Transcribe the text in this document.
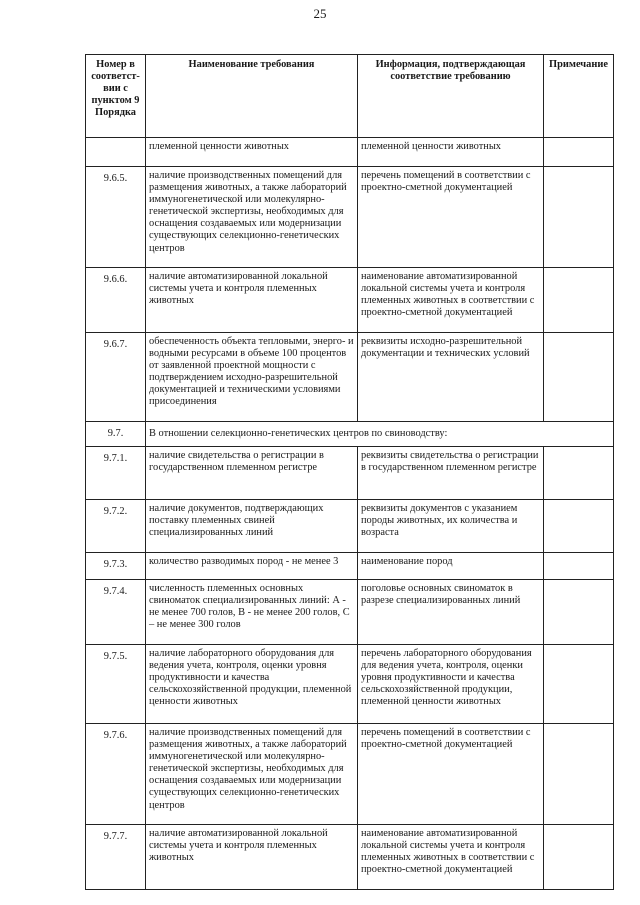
25
Номер в соответст-вии с пунктом 9 Порядка	Наименование требования	Информация, подтверждающая соответствие требованию	Примечание
	племенной ценности животных	племенной ценности животных	
9.6.5.	наличие производственных помещений для размещения животных, а также лабораторий иммуногенетической или молекулярно-генетической экспертизы, необходимых для оснащения создаваемых или модернизации существующих селекционно-генетических центров	перечень помещений в соответствии с проектно-сметной документацией	
9.6.6.	наличие автоматизированной локальной системы учета и контроля племенных животных	наименование автоматизированной локальной системы учета и контроля племенных животных в соответствии с проектно-сметной документацией	
9.6.7.	обеспеченность объекта тепловыми, энерго- и водными ресурсами в объеме 100 процентов от заявленной проектной мощности с подтверждением исходно-разрешительной документацией и техническими условиями присоединения	реквизиты исходно-разрешительной документации и технических условий	
9.7.	В отношении селекционно-генетических центров по свиноводству:		
9.7.1.	наличие свидетельства о регистрации в государственном племенном регистре	реквизиты свидетельства о регистрации в государственном племенном регистре	
9.7.2.	наличие документов, подтверждающих поставку племенных свиней специализированных линий	реквизиты документов с указанием породы животных, их количества и возраста	
9.7.3.	количество разводимых пород - не менее 3	наименование пород	
9.7.4.	численность племенных основных свиноматок специализированных линий: А - не менее 700 голов, В - не менее 200 голов, С – не менее 300 голов	поголовье основных свиноматок в разрезе специализированных линий	
9.7.5.	наличие лабораторного оборудования для ведения учета, контроля, оценки уровня продуктивности и качества сельскохозяйственной продукции, племенной ценности животных	перечень лабораторного оборудования для ведения учета, контроля, оценки уровня продуктивности и качества сельскохозяйственной продукции, племенной ценности животных	
9.7.6.	наличие производственных помещений для размещения животных, а также лабораторий иммуногенетической или молекулярно-генетической экспертизы, необходимых для оснащения создаваемых или модернизации существующих селекционно-генетических центров	перечень помещений в соответствии с проектно-сметной документацией	
9.7.7.	наличие автоматизированной локальной системы учета и контроля племенных животных	наименование автоматизированной локальной системы учета и контроля племенных животных в соответствии с проектно-сметной документацией	
